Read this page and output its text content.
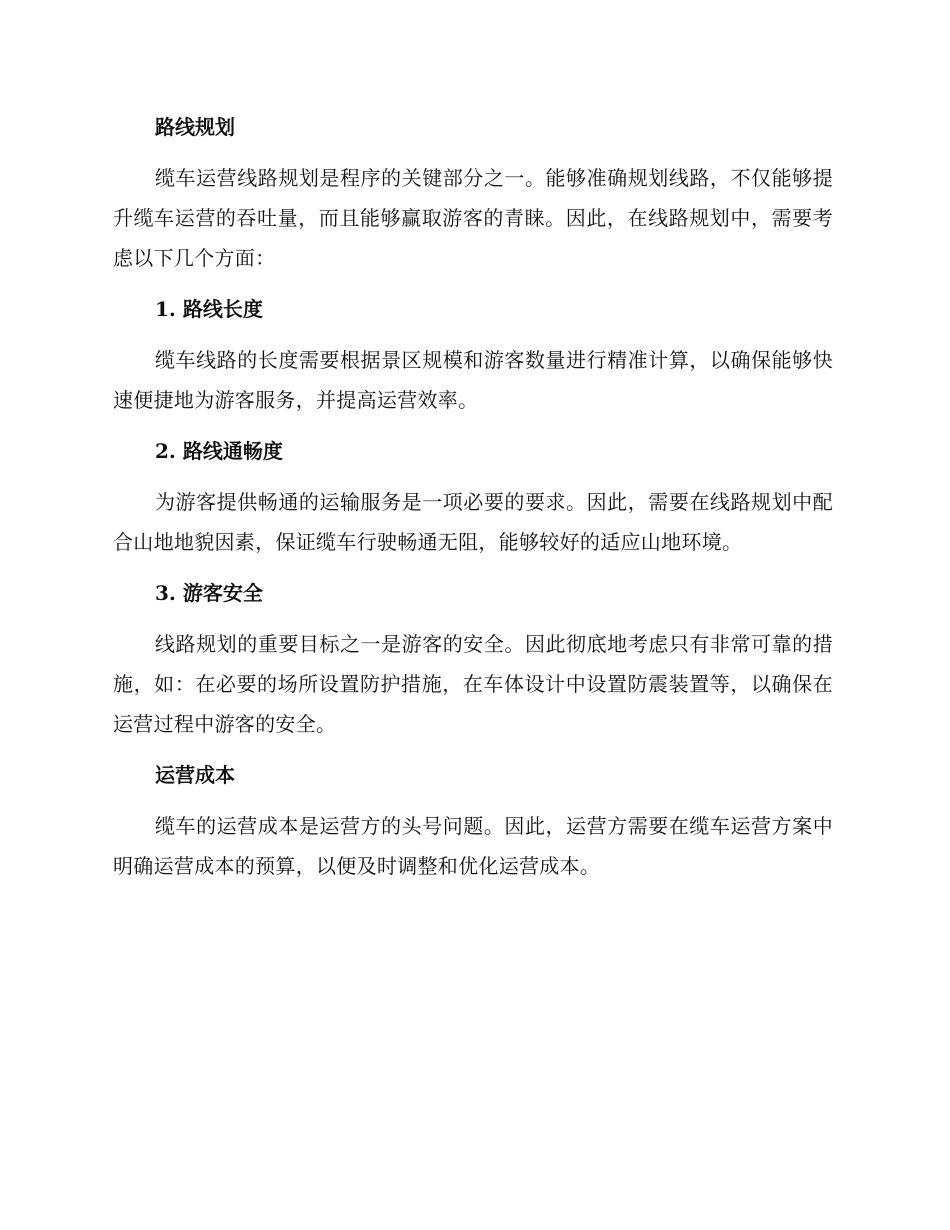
路线规划

缆车运营线路规划是程序的关键部分之一。能够准确规划线路，不仅能够提升缆车运营的吞吐量，而且能够赢取游客的青睐。因此，在线路规划中，需要考虑以下几个方面：

1. 路线长度

缆车线路的长度需要根据景区规模和游客数量进行精准计算，以确保能够快速便捷地为游客服务，并提高运营效率。

2. 路线通畅度

为游客提供畅通的运输服务是一项必要的要求。因此，需要在线路规划中配合山地地貌因素，保证缆车行驶畅通无阻，能够较好的适应山地环境。

3. 游客安全

线路规划的重要目标之一是游客的安全。因此彻底地考虑只有非常可靠的措施，如：在必要的场所设置防护措施，在车体设计中设置防震装置等，以确保在运营过程中游客的安全。

运营成本

缆车的运营成本是运营方的头号问题。因此，运营方需要在缆车运营方案中明确运营成本的预算，以便及时调整和优化运营成本。
